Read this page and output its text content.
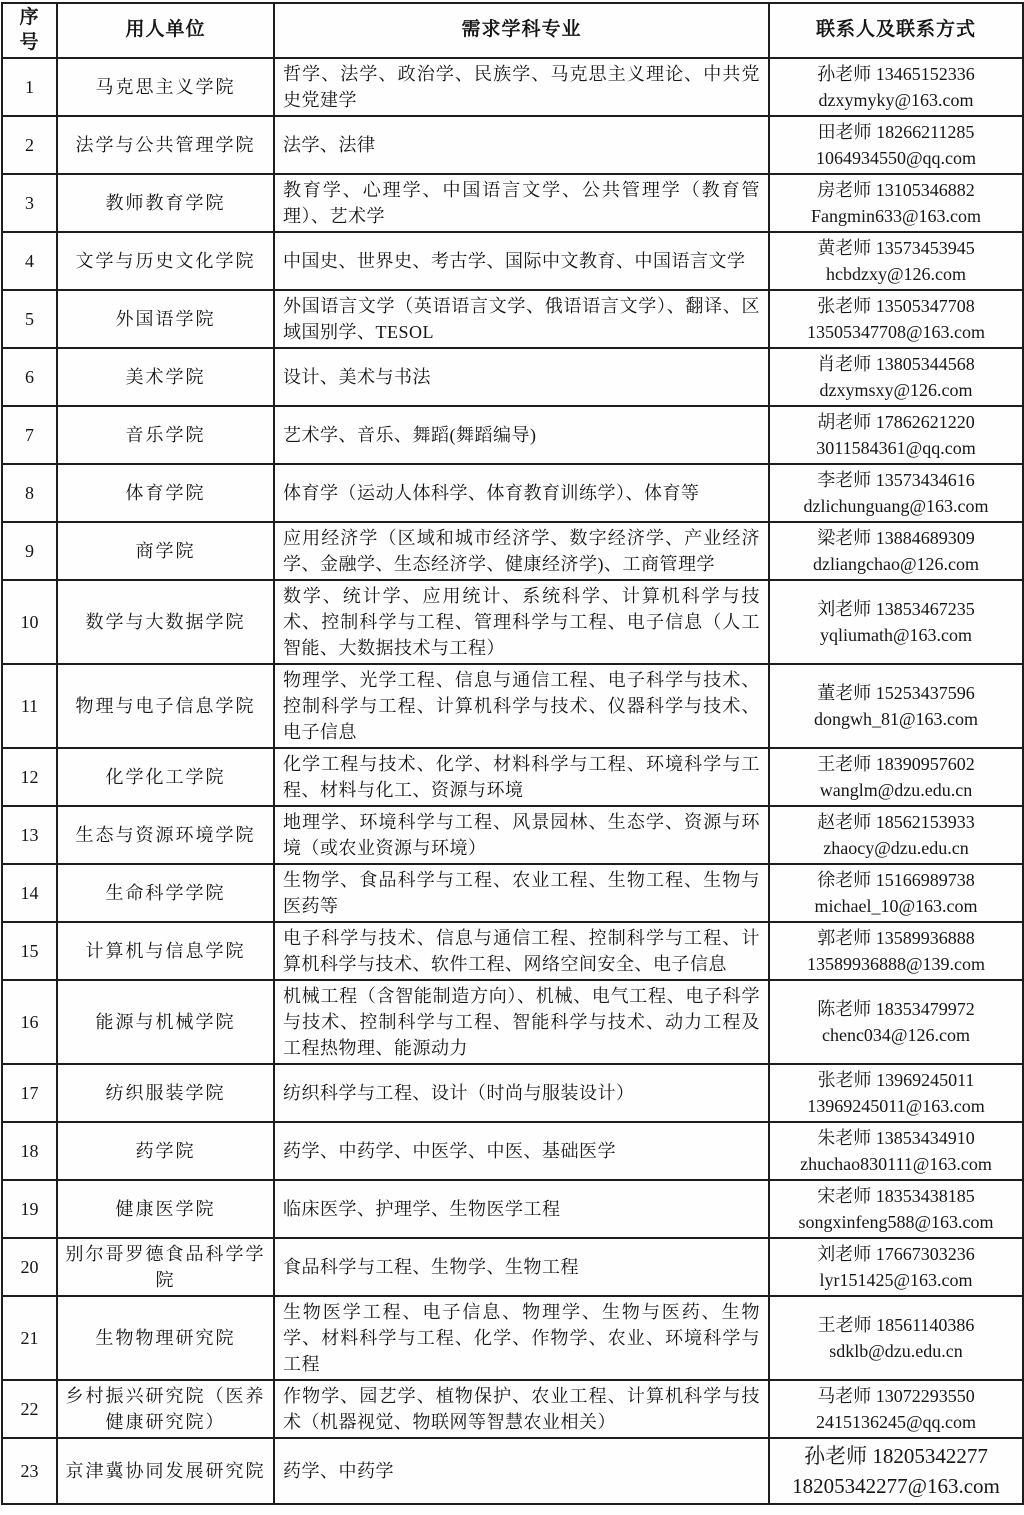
序号	用人单位	需求学科专业	联系人及联系方式
1	马克思主义学院	哲学、法学、政治学、民族学、马克思主义理论、中共党史党建学	孙老师 13465152336
dzxymyky@163.com

2	法学与公共管理学院	法学、法律	田老师 18266211285
1064934550@qq.com

3	教师教育学院	教育学、心理学、中国语言文学、公共管理学（教育管理）、艺术学	房老师 13105346882
Fangmin633@163.com

4	文学与历史文化学院	中国史、世界史、考古学、国际中文教育、中国语言文学	黄老师 13573453945
hcbdzxy@126.com

5	外国语学院	外国语言文学（英语语言文学、俄语语言文学）、翻译、区域国别学、TESOL	张老师 13505347708
13505347708@163.com

6	美术学院	设计、美术与书法	肖老师 13805344568
dzxymsxy@126.com

7	音乐学院	艺术学、音乐、舞蹈(舞蹈编导)	胡老师 17862621220
3011584361@qq.com

8	体育学院	体育学（运动人体科学、体育教育训练学）、体育等	李老师 13573434616
dzlichunguang@163.com

9	商学院	应用经济学（区域和城市经济学、数字经济学、产业经济学、金融学、生态经济学、健康经济学)、工商管理学	梁老师 13884689309
dzliangchao@126.com

10	数学与大数据学院	数学、统计学、应用统计、系统科学、计算机科学与技术、控制科学与工程、管理科学与工程、电子信息（人工智能、大数据技术与工程）	刘老师 13853467235
yqliumath@163.com

11	物理与电子信息学院	物理学、光学工程、信息与通信工程、电子科学与技术、控制科学与工程、计算机科学与技术、仪器科学与技术、电子信息	董老师 15253437596
dongwh_81@163.com

12	化学化工学院	化学工程与技术、化学、材料科学与工程、环境科学与工程、材料与化工、资源与环境	王老师 18390957602
wanglm@dzu.edu.cn

13	生态与资源环境学院	地理学、环境科学与工程、风景园林、生态学、资源与环境（或农业资源与环境）	赵老师 18562153933
zhaocy@dzu.edu.cn

14	生命科学学院	生物学、食品科学与工程、农业工程、生物工程、生物与医药等	徐老师 15166989738
michael_10@163.com

15	计算机与信息学院	电子科学与技术、信息与通信工程、控制科学与工程、计算机科学与技术、软件工程、网络空间安全、电子信息	郭老师 13589936888
13589936888@139.com

16	能源与机械学院	机械工程（含智能制造方向）、机械、电气工程、电子科学与技术、控制科学与工程、智能科学与技术、动力工程及工程热物理、能源动力	陈老师 18353479972
chenc034@126.com

17	纺织服装学院	纺织科学与工程、设计（时尚与服装设计）	张老师 13969245011
13969245011@163.com

18	药学院	药学、中药学、中医学、中医、基础医学	朱老师 13853434910
zhuchao830111@163.com

19	健康医学院	临床医学、护理学、生物医学工程	宋老师 18353438185
songxinfeng588@163.com

20	别尔哥罗德食品科学学院	食品科学与工程、生物学、生物工程	刘老师 17667303236
lyr151425@163.com

21	生物物理研究院	生物医学工程、电子信息、物理学、生物与医药、生物学、材料科学与工程、化学、作物学、农业、环境科学与工程	王老师 18561140386
sdklb@dzu.edu.cn

22	乡村振兴研究院（医养健康研究院）	作物学、园艺学、植物保护、农业工程、计算机科学与技术（机器视觉、物联网等智慧农业相关）	马老师 13072293550
2415136245@qq.com

23	京津冀协同发展研究院	药学、中药学	孙老师 18205342277
18205342277@163.com
